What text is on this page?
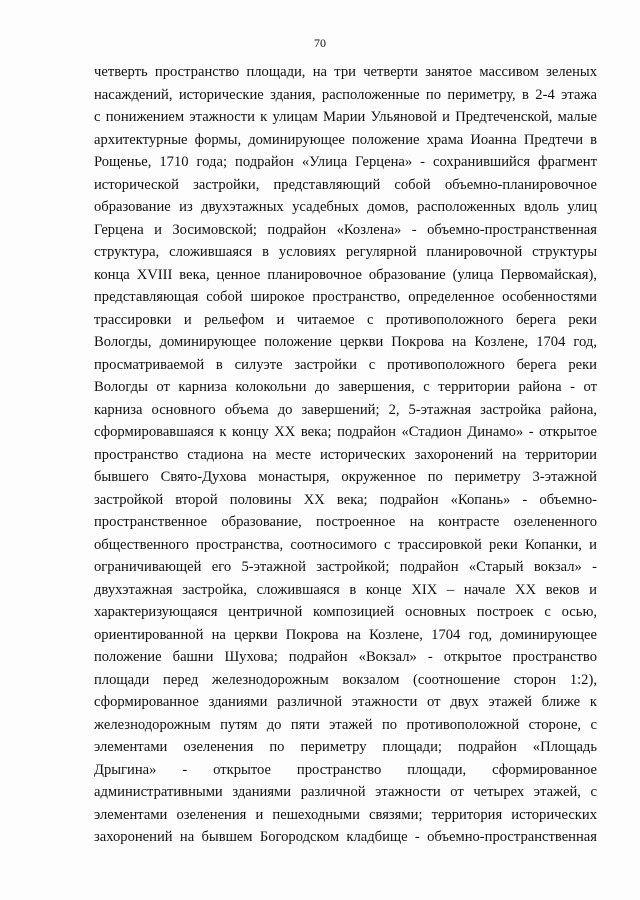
70
четверть пространство площади, на три четверти занятое массивом зеленых
насаждений, исторические здания, расположенные по периметру, в 2-4 этажа
с понижением этажности к улицам Марии Ульяновой и Предтеченской, малые
архитектурные формы, доминирующее положение храма Иоанна Предтечи в
Рощенье, 1710 года; подрайон «Улица Герцена» - сохранившийся фрагмент
исторической застройки, представляющий собой объемно-планировочное
образование из двухэтажных усадебных домов, расположенных вдоль улиц
Герцена и Зосимовской; подрайон «Козлена» - объемно-пространственная
структура, сложившаяся в условиях регулярной планировочной структуры
конца XVIII века, ценное планировочное образование (улица Первомайская),
представляющая собой широкое пространство, определенное особенностями
трассировки и рельефом и читаемое с противоположного берега реки
Вологды, доминирующее положение церкви Покрова на Козлене, 1704 год,
просматриваемой в силуэте застройки с противоположного берега реки
Вологды от карниза колокольни до завершения, с территории района - от
карниза основного объема до завершений; 2, 5-этажная застройка района,
сформировавшаяся к концу XX века; подрайон «Стадион Динамо» - открытое
пространство стадиона на месте исторических захоронений на территории
бывшего Свято-Духова монастыря, окруженное по периметру 3-этажной
застройкой второй половины XX века; подрайон «Копань» - объемно-
пространственное образование, построенное на контрасте озелененного
общественного пространства, соотносимого с трассировкой реки Копанки, и
ограничивающей его 5-этажной застройкой; подрайон «Старый вокзал» -
двухэтажная застройка, сложившаяся в конце XIX – начале XX веков и
характеризующаяся центричной композицией основных построек с осью,
ориентированной на церкви Покрова на Козлене, 1704 год, доминирующее
положение башни Шухова; подрайон «Вокзал» - открытое пространство
площади перед железнодорожным вокзалом (соотношение сторон 1:2),
сформированное зданиями различной этажности от двух этажей ближе к
железнодорожным путям до пяти этажей по противоположной стороне, с
элементами озеленения по периметру площади; подрайон «Площадь
Дрыгина» - открытое пространство площади, сформированное
административными зданиями различной этажности от четырех этажей, с
элементами озеленения и пешеходными связями; территория исторических
захоронений на бывшем Богородском кладбище - объемно-пространственная
